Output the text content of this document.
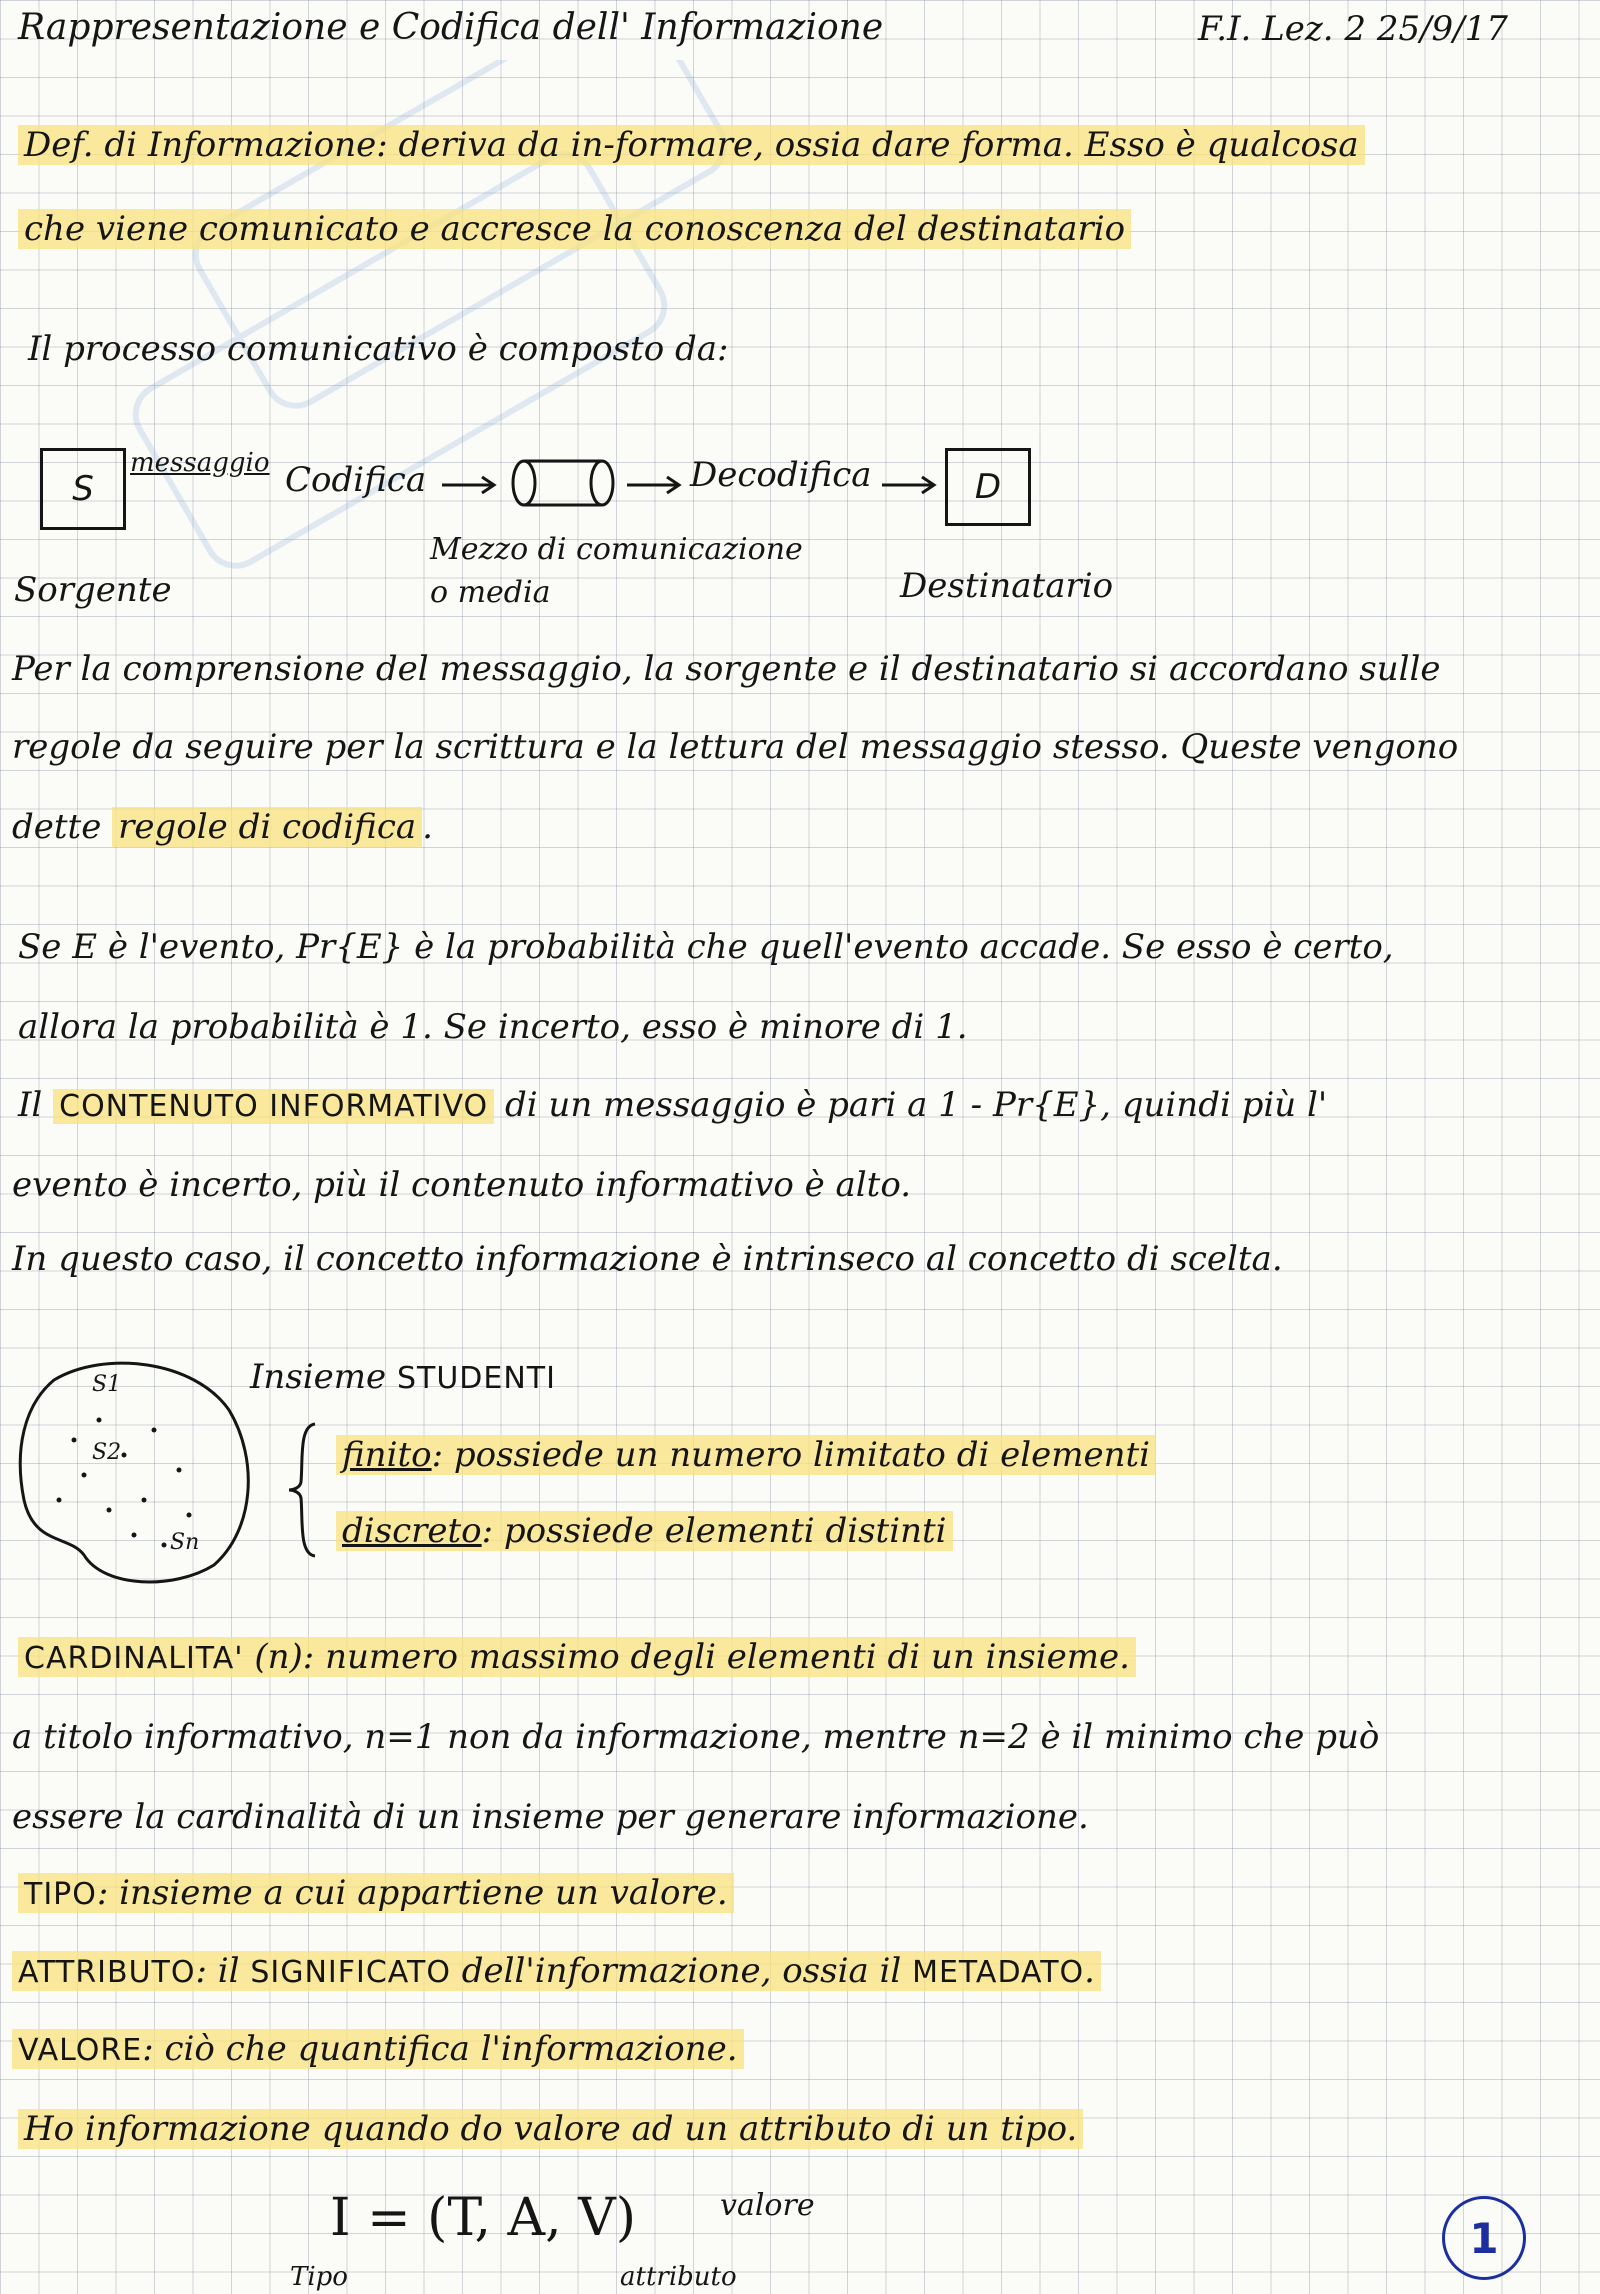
Rappresentazione e Codifica dell' Informazione	F.I. Lez. 2 25/9/17
Def. di Informazione: deriva da in-formare, ossia dare forma. Esso è qualcosa
che viene comunicato e accresce la conoscenza del destinatario
Il processo comunicativo è composto da:
S
messaggio Codifica	Decodifica	D
Mezzo di comunicazione
o media
Sorgente	Destinatario
Per la comprensione del messaggio, la sorgente e il destinatario si accordano sulle
regole da seguire per la scrittura e la lettura del messaggio stesso. Queste vengono
dette regole di codifica .
Se E è l'evento, Pr{E} è la probabilità che quell'evento accade. Se esso è certo,
allora la probabilità è 1. Se incerto, esso è minore di 1.
Il CONTENUTO INFORMATIVO di un messaggio è pari a 1 - Pr{E}, quindi più l'
evento è incerto, più il contenuto informativo è alto.
In questo caso, il concetto informazione è intrinseco al concetto di scelta.
S1
S2
Sn
Insieme STUDENTI
finito: possiede un numero limitato di elementi
discreto: possiede elementi distinti
CARDINALITA' (n): numero massimo degli elementi di un insieme.
a titolo informativo, n=1 non da informazione, mentre n=2 è il minimo che può
essere la cardinalità di un insieme per generare informazione.
TIPO: insieme a cui appartiene un valore.
ATTRIBUTO: il SIGNIFICATO dell'informazione, ossia il METADATO.
VALORE: ciò che quantifica l'informazione.
Ho informazione quando do valore ad un attributo di un tipo.
I = (T, A, V)	valore
Tipo	attributo
1
